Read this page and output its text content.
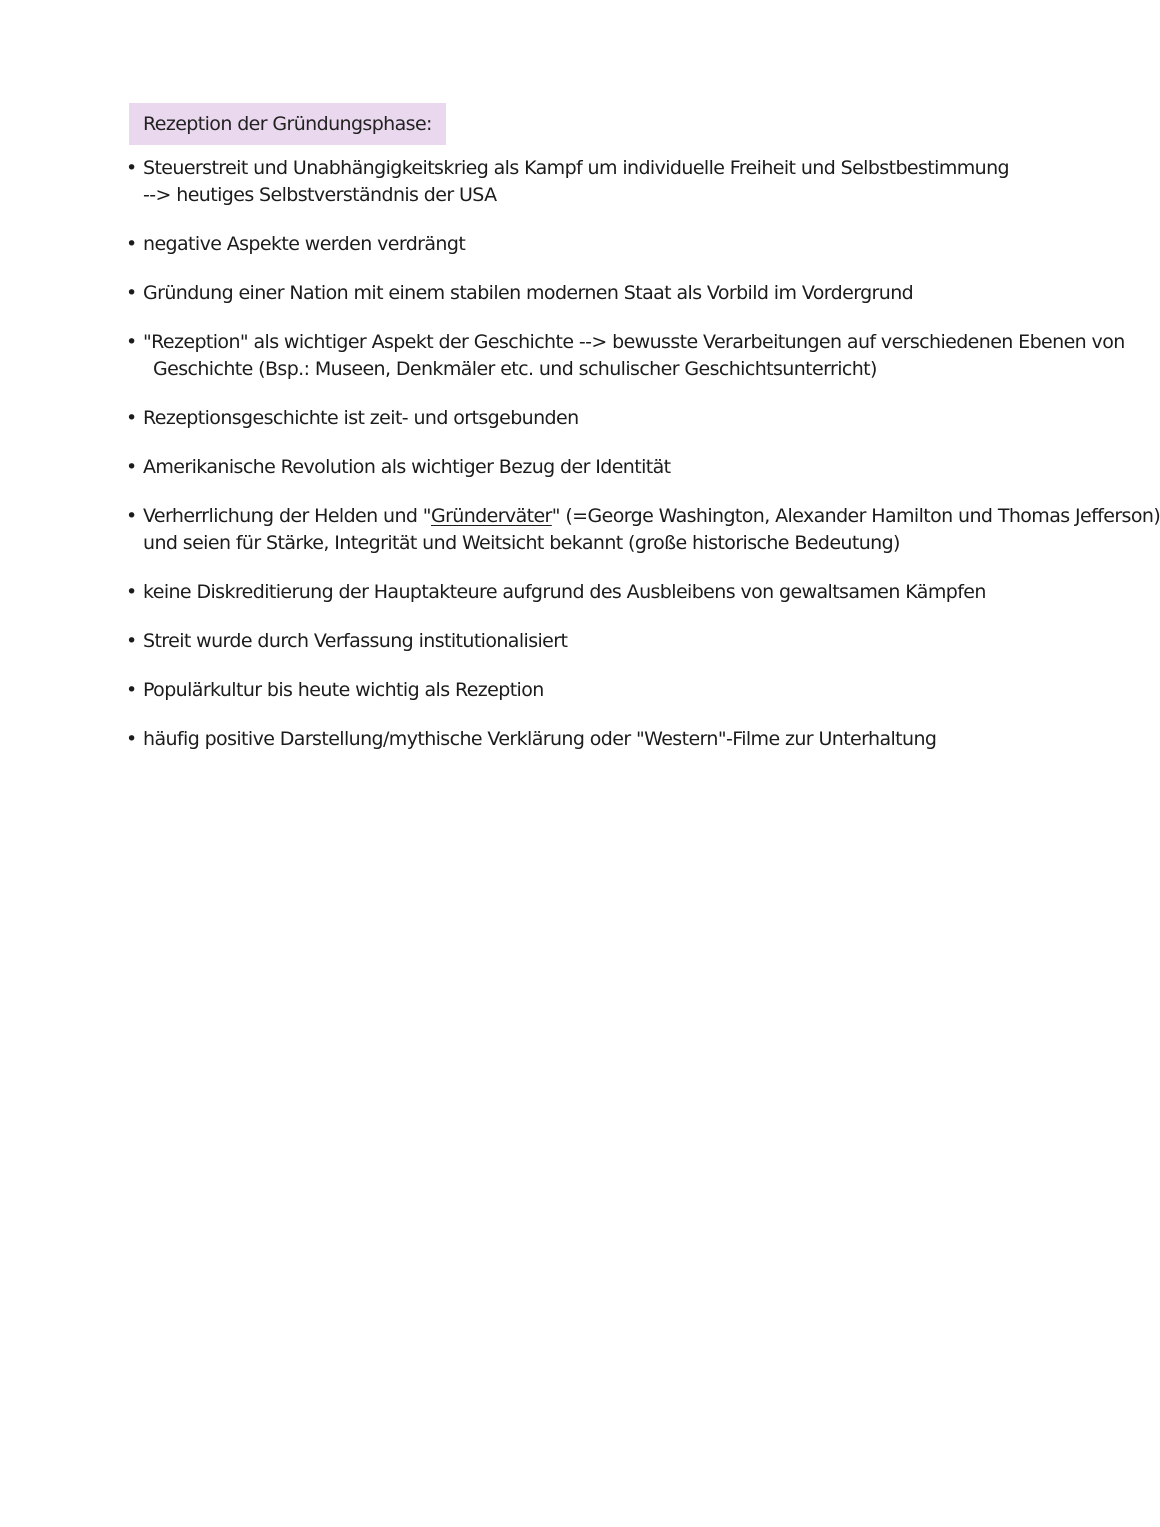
Rezeption der Gründungsphase:
• Steuerstreit und Unabhängigkeitskrieg als Kampf um individuelle Freiheit und Selbstbestimmung
--> heutiges Selbstverständnis der USA
• negative Aspekte werden verdrängt
• Gründung einer Nation mit einem stabilen modernen Staat als Vorbild im Vordergrund
• "Rezeption" als wichtiger Aspekt der Geschichte --> bewusste Verarbeitungen auf verschiedenen Ebenen von
Geschichte (Bsp.: Museen, Denkmäler etc. und schulischer Geschichtsunterricht)
• Rezeptionsgeschichte ist zeit- und ortsgebunden
• Amerikanische Revolution als wichtiger Bezug der Identität
• Verherrlichung der Helden und "Gründerväter" (=George Washington, Alexander Hamilton und Thomas Jefferson)
und seien für Stärke, Integrität und Weitsicht bekannt (große historische Bedeutung)
• keine Diskreditierung der Hauptakteure aufgrund des Ausbleibens von gewaltsamen Kämpfen
• Streit wurde durch Verfassung institutionalisiert
• Populärkultur bis heute wichtig als Rezeption
• häufig positive Darstellung/mythische Verklärung oder "Western"-Filme zur Unterhaltung
